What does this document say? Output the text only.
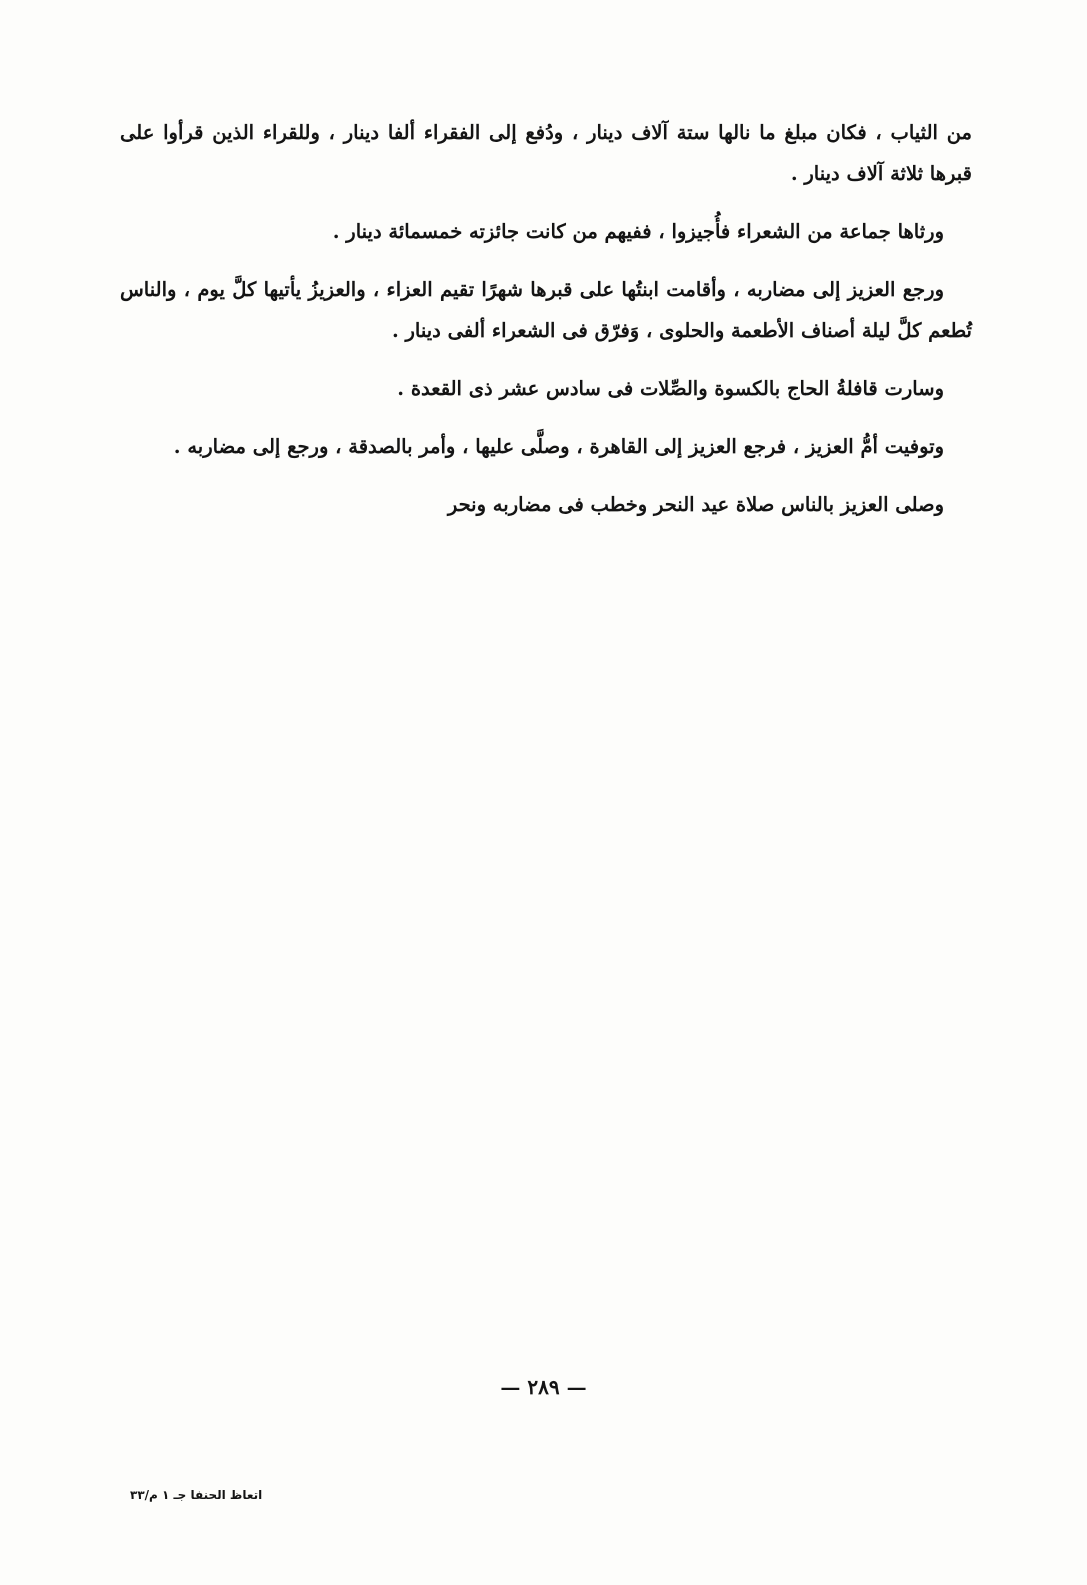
من الثياب ، فكان مبلغ ما نالها ستة آلاف دينار ، ودُفع إلى الفقراء ألفا دينار ، وللقراء الذين قرأوا على قبرها ثلاثة آلاف دينار .

ورثاها جماعة من الشعراء فأُجيزوا ، ففيهم من كانت جائزته خمسمائة دينار .

ورجع العزيز إلى مضاربه ، وأقامت ابنتُها على قبرها شهرًا تقيم العزاء ، والعزيزُ يأتيها كلَّ يوم ، والناس تُطعم كلَّ ليلة أصناف الأطعمة والحلوى ، وَفرّق فى الشعراء ألفى دينار .

وسارت قافلةُ الحاج بالكسوة والصِّلات فى سادس عشر ذى القعدة .

وتوفيت أمُّ العزيز ، فرجع العزيز إلى القاهرة ، وصلَّى عليها ، وأمر بالصدقة ، ورجع إلى مضاربه .

وصلى العزيز بالناس صلاة عيد النحر وخطب فى مضاربه ونحر

— ٢٨٩ —
اتعاظ الحنفا جـ ١ م/٣٣
